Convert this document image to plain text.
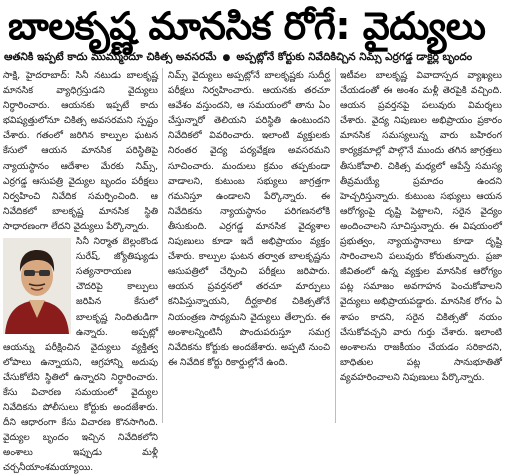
బాలకృష్ణ మానసిక రోగే: వైద్యులు
ఆతనికి ఇప్పటే కాదు ముమ్ముందూ చికిత్స అవసరమే ● అప్పట్లోనే కోర్టుకు నివేదికిచ్చిన నిమ్స్ ఎర్రగడ్డ డాక్టర్ల బృందం

సాక్షి, హైదరాబాద్: సినీ నటుడు బాలకృష్ణ మానసిక వ్యాధిగ్రస్తుడని వైద్యులు నిర్ధారించారు. ఆయనకు ఇప్పటే కాదు భవిష్యత్తులోనూ చికిత్స అవసరమని స్పష్టం చేశారు. గతంలో జరిగిన కాల్పుల ఘటన కేసులో ఆయన మానసిక పరిస్థితిపై న్యాయస్థానం ఆదేశాల మేరకు నిమ్స్, ఎర్రగడ్డ ఆసుపత్రి వైద్యుల బృందం పరీక్షలు నిర్వహించి నివేదిక సమర్పించింది. ఆ నివేదికలో బాలకృష్ణ మానసిక స్థితి సాధారణంగా లేదని వైద్యులు పేర్కొన్నారు.

సినీ నిర్మాత బెల్లంకొండ సురేష్, జ్యోతిష్యుడు సత్యనారాయణ చౌదరిపై కాల్పులు జరిపిన కేసులో బాలకృష్ణ నిందితుడిగా ఉన్నారు. అప్పట్లో ఆయన్ను పరీక్షించిన వైద్యులు వ్యక్తిత్వ లోపాలు ఉన్నాయని, ఆగ్రహాన్ని అదుపు చేసుకోలేని స్థితిలో ఉన్నారని నిర్ధారించారు. కేసు విచారణ సమయంలో వైద్యుల నివేదికను పోలీసులు కోర్టుకు అందజేశారు. దీని ఆధారంగా కేసు విచారణ కొనసాగింది. వైద్యుల బృందం ఇచ్చిన నివేదికలోని అంశాలు ఇప్పుడు మళ్లీ చర్చనీయాంశమయ్యాయి.

నిమ్స్ వైద్యులు అప్పట్లోనే బాలకృష్ణకు సుదీర్ఘ పరీక్షలు నిర్వహించారు. ఆయనకు తరచూ ఆవేశం వస్తుందని, ఆ సమయంలో తాను ఏం చేస్తున్నారో తెలియని పరిస్థితి ఉంటుందని నివేదికలో వివరించారు. ఇలాంటి వ్యక్తులకు నిరంతర వైద్య పర్యవేక్షణ అవసరమని సూచించారు. మందులు క్రమం తప్పకుండా వాడాలని, కుటుంబ సభ్యులు జాగ్రత్తగా గమనిస్తూ ఉండాలని పేర్కొన్నారు. ఈ నివేదికను న్యాయస్థానం పరిగణనలోకి తీసుకుంది. ఎర్రగడ్డ మానసిక వైద్యశాల నిపుణులు కూడా ఇదే అభిప్రాయం వ్యక్తం చేశారు. కాల్పుల ఘటన తర్వాత బాలకృష్ణను ఆసుపత్రిలో చేర్పించి పరీక్షలు జరిపారు. ఆయన ప్రవర్తనలో తరచూ మార్పులు కనిపిస్తున్నాయని, దీర్ఘకాలిక చికిత్సతోనే నియంత్రణ సాధ్యమని వైద్యులు తేల్చారు. ఈ అంశాలన్నింటినీ పొందుపరుస్తూ సమగ్ర నివేదికను కోర్టుకు అందజేశారు. అప్పటి నుంచి ఈ నివేదిక కోర్టు రికార్డుల్లోనే ఉంది.

ఇటీవల బాలకృష్ణ వివాదాస్పద వ్యాఖ్యలు చేయడంతో ఈ అంశం మళ్లీ తెరపైకి వచ్చింది. ఆయన ప్రవర్తనపై పలువురు విమర్శలు చేశారు. వైద్య నిపుణుల అభిప్రాయం ప్రకారం మానసిక సమస్యలున్న వారు బహిరంగ కార్యక్రమాల్లో పాల్గొనే ముందు తగిన జాగ్రత్తలు తీసుకోవాలి. చికిత్స మధ్యలో ఆపేస్తే సమస్య తీవ్రమయ్యే ప్రమాదం ఉందని హెచ్చరిస్తున్నారు. కుటుంబ సభ్యులు ఆయన ఆరోగ్యంపై దృష్టి పెట్టాలని, సరైన వైద్యం అందించాలని సూచిస్తున్నారు. ఈ విషయంలో ప్రభుత్వం, న్యాయస్థానాలు కూడా దృష్టి సారించాలని పలువురు కోరుతున్నారు. ప్రజా జీవితంలో ఉన్న వ్యక్తుల మానసిక ఆరోగ్యం పట్ల సమాజం అవగాహన పెంచుకోవాలని వైద్యులు అభిప్రాయపడ్డారు. మానసిక రోగం ఏ శాపం కాదని, సరైన చికిత్సతో నయం చేసుకోవచ్చని వారు గుర్తు చేశారు. ఇలాంటి అంశాలను రాజకీయం చేయడం సరికాదని, బాధితుల పట్ల సానుభూతితో వ్యవహరించాలని నిపుణులు పేర్కొన్నారు.
